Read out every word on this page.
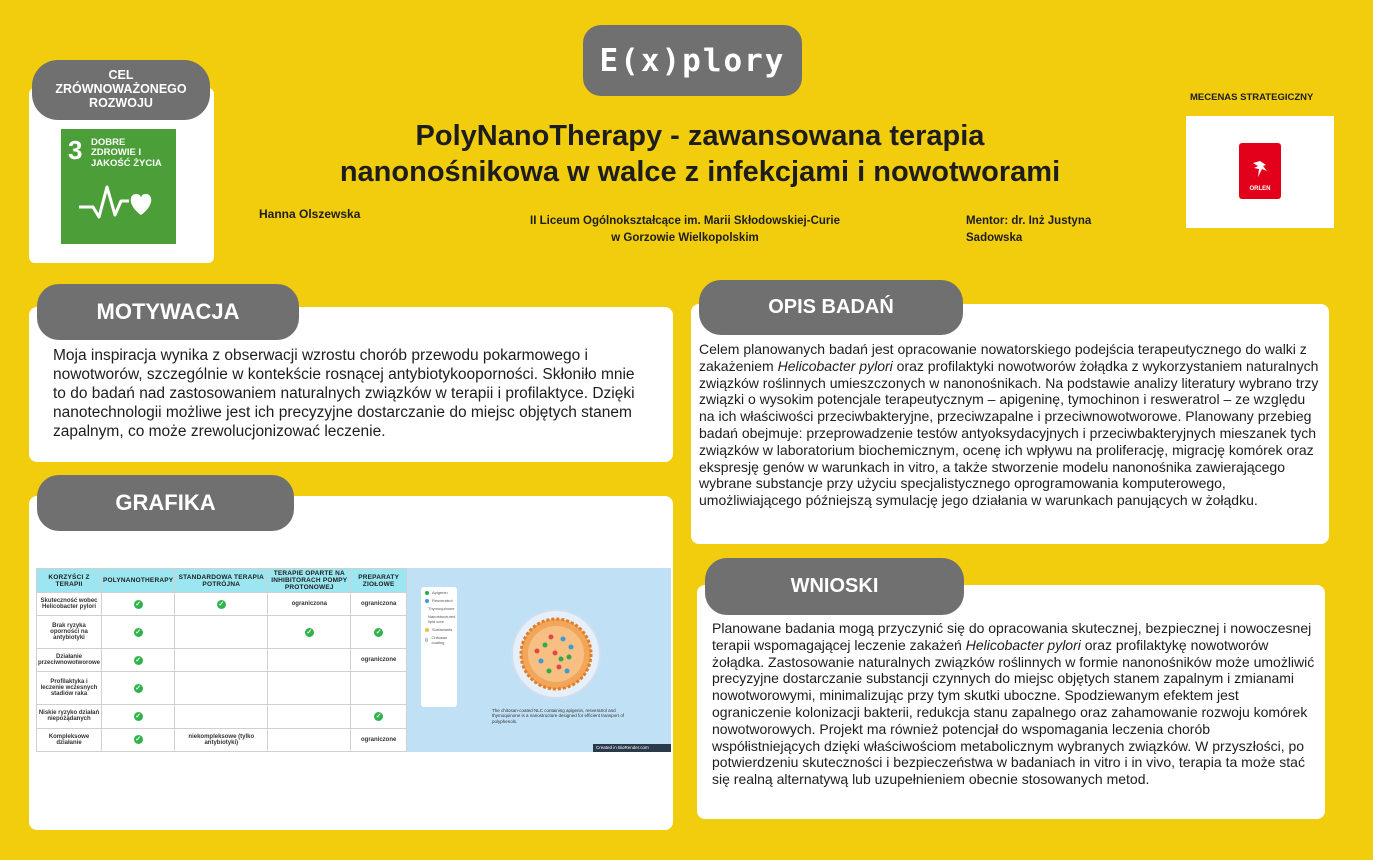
CEL ZRÓWNOWAŻONEGO ROZWOJU
3 DOBRE ZDROWIE I JAKOŚĆ ŻYCIA
E(x)plory
PolyNanoTherapy - zawansowana terapia
nanonośnikowa w walce z infekcjami i nowotworami
Hanna Olszewska	II Liceum Ogólnokształcące im. Marii Skłodowskiej-Curie
w Gorzowie Wielkopolskim
Mentor: dr. Inż Justyna
Sadowska
MECENAS STRATEGICZNY
ORLEN
MOTYWACJA
Moja inspiracja wynika z obserwacji wzrostu chorób przewodu pokarmowego i nowotworów, szczególnie w kontekście rosnącej antybiotykooporności. Skłoniło mnie to do badań nad zastosowaniem naturalnych związków w terapii i profilaktyce. Dzięki nanotechnologii możliwe jest ich precyzyjne dostarczanie do miejsc objętych stanem zapalnym, co może zrewolucjonizować leczenie.
GRAFIKA
KORZYŚCI Z TERAPII	POLYNANOTHERAPY	STANDARDOWA TERAPIA POTRÓJNA	TERAPIE OPARTE NA INHIBITORACH POMPY PROTONOWEJ	PREPARATY ZIOŁOWE
Skuteczność wobec Helicobacter pylori	✓	✓	ograniczona	ograniczona
Brak ryzyka oporności na antybiotyki	✓		✓	✓
Działanie przeciwnowotworowe	✓			ograniczone
Profilaktyka i leczenie wczesnych stadiów raka	✓			
Niskie ryzyko działań niepożądanych	✓			✓
Kompleksowe działanie	✓	niekompleksowe (tylko antybiotyki)		ograniczone
Apigenin
Resveratrol
Thymoquinone
Nanostructured lipid core
Surfactants
Chitosan coating
The chitosan-coated NLC containing apigenin, resveratrol and thymoquinone is a nanostructure designed for efficient transport of polyphenols.
Created in BioRender.com
OPIS BADAŃ
Celem planowanych badań jest opracowanie nowatorskiego podejścia terapeutycznego do walki z zakażeniem Helicobacter pylori oraz profilaktyki nowotworów żołądka z wykorzystaniem naturalnych związków roślinnych umieszczonych w nanonośnikach. Na podstawie analizy literatury wybrano trzy związki o wysokim potencjale terapeutycznym – apigeninę, tymochinon i resweratrol – ze względu na ich właściwości przeciwbakteryjne, przeciwzapalne i przeciwnowotworowe. Planowany przebieg badań obejmuje: przeprowadzenie testów antyoksydacyjnych i przeciwbakteryjnych mieszanek tych związków w laboratorium biochemicznym, ocenę ich wpływu na proliferację, migrację komórek oraz ekspresję genów w warunkach in vitro, a także stworzenie modelu nanonośnika zawierającego wybrane substancje przy użyciu specjalistycznego oprogramowania komputerowego, umożliwiającego późniejszą symulację jego działania w warunkach panujących w żołądku.
WNIOSKI
Planowane badania mogą przyczynić się do opracowania skutecznej, bezpiecznej i nowoczesnej terapii wspomagającej leczenie zakażeń Helicobacter pylori oraz profilaktykę nowotworów żołądka. Zastosowanie naturalnych związków roślinnych w formie nanonośników może umożliwić precyzyjne dostarczanie substancji czynnych do miejsc objętych stanem zapalnym i zmianami nowotworowymi, minimalizując przy tym skutki uboczne. Spodziewanym efektem jest ograniczenie kolonizacji bakterii, redukcja stanu zapalnego oraz zahamowanie rozwoju komórek nowotworowych. Projekt ma również potencjał do wspomagania leczenia chorób współistniejących dzięki właściwościom metabolicznym wybranych związków. W przyszłości, po potwierdzeniu skuteczności i bezpieczeństwa w badaniach in vitro i in vivo, terapia ta może stać się realną alternatywą lub uzupełnieniem obecnie stosowanych metod.
